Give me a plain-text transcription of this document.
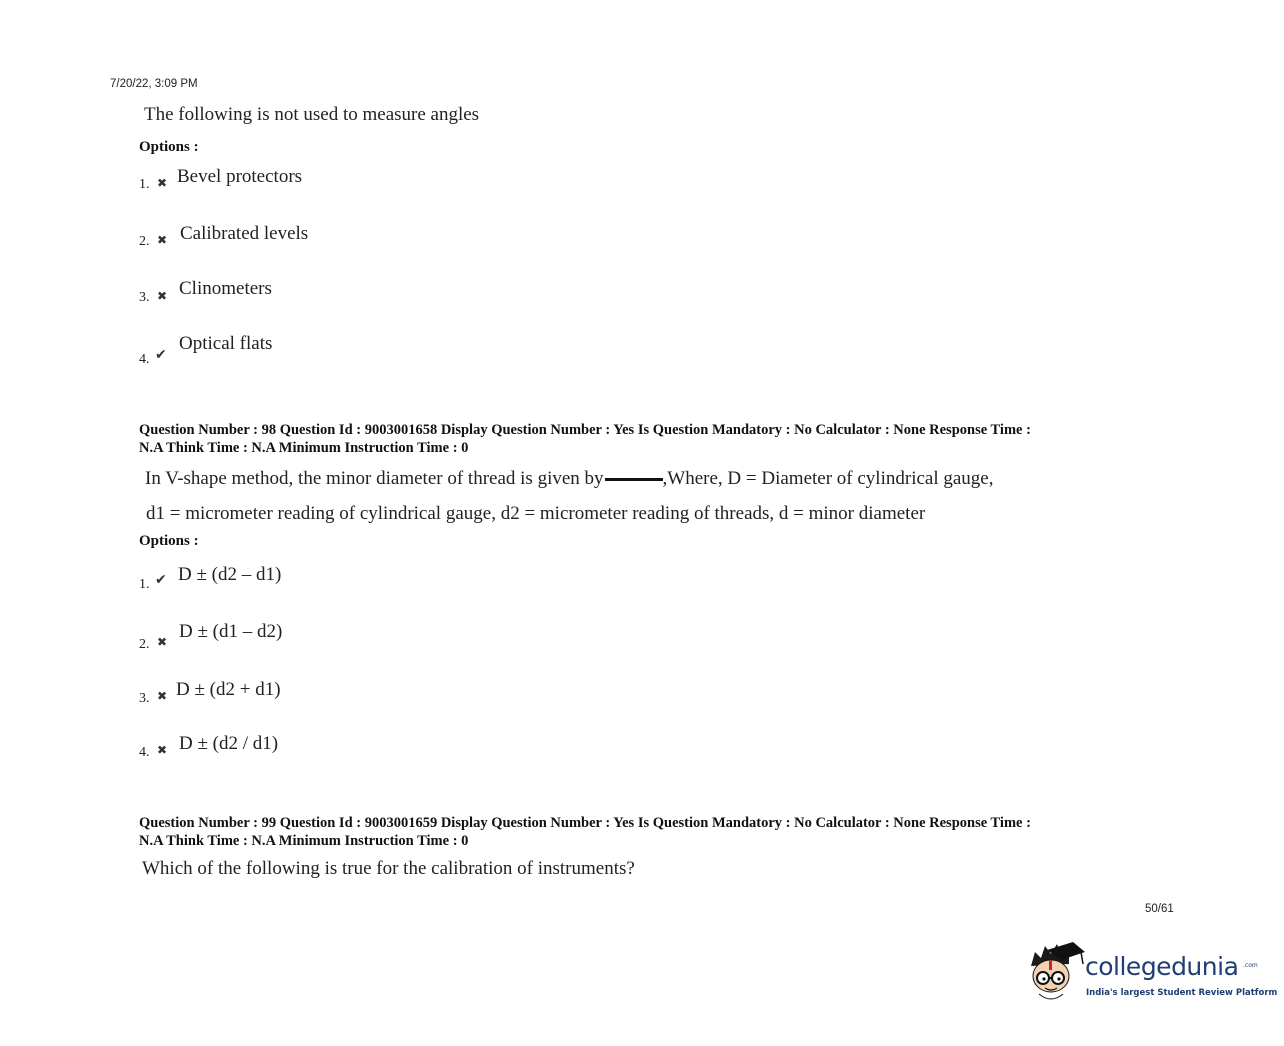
7/20/22, 3:09 PM
The following is not used to measure angles
Options :
1. ✖ Bevel protectors
2. ✖ Calibrated levels
3. ✖ Clinometers
4. ✔
Optical flats
Question Number : 98 Question Id : 9003001658 Display Question Number : Yes Is Question Mandatory : No Calculator : None Response Time :
N.A Think Time : N.A Minimum Instruction Time : 0
In V-shape method, the minor diameter of thread is given by	,Where, D = Diameter of cylindrical gauge,
d1 = micrometer reading of cylindrical gauge, d2 = micrometer reading of threads, d = minor diameter
Options :
1. ✔ D ± (d2 – d1)
2. ✖ D ± (d1 – d2)
3. ✖ D ± (d2 + d1)
4. ✖ D ± (d2 / d1)
Question Number : 99 Question Id : 9003001659 Display Question Number : Yes Is Question Mandatory : No Calculator : None Response Time :
N.A Think Time : N.A Minimum Instruction Time : 0
Which of the following is true for the calibration of instruments?
50/61
collegedunia .com
India's largest Student Review Platform
